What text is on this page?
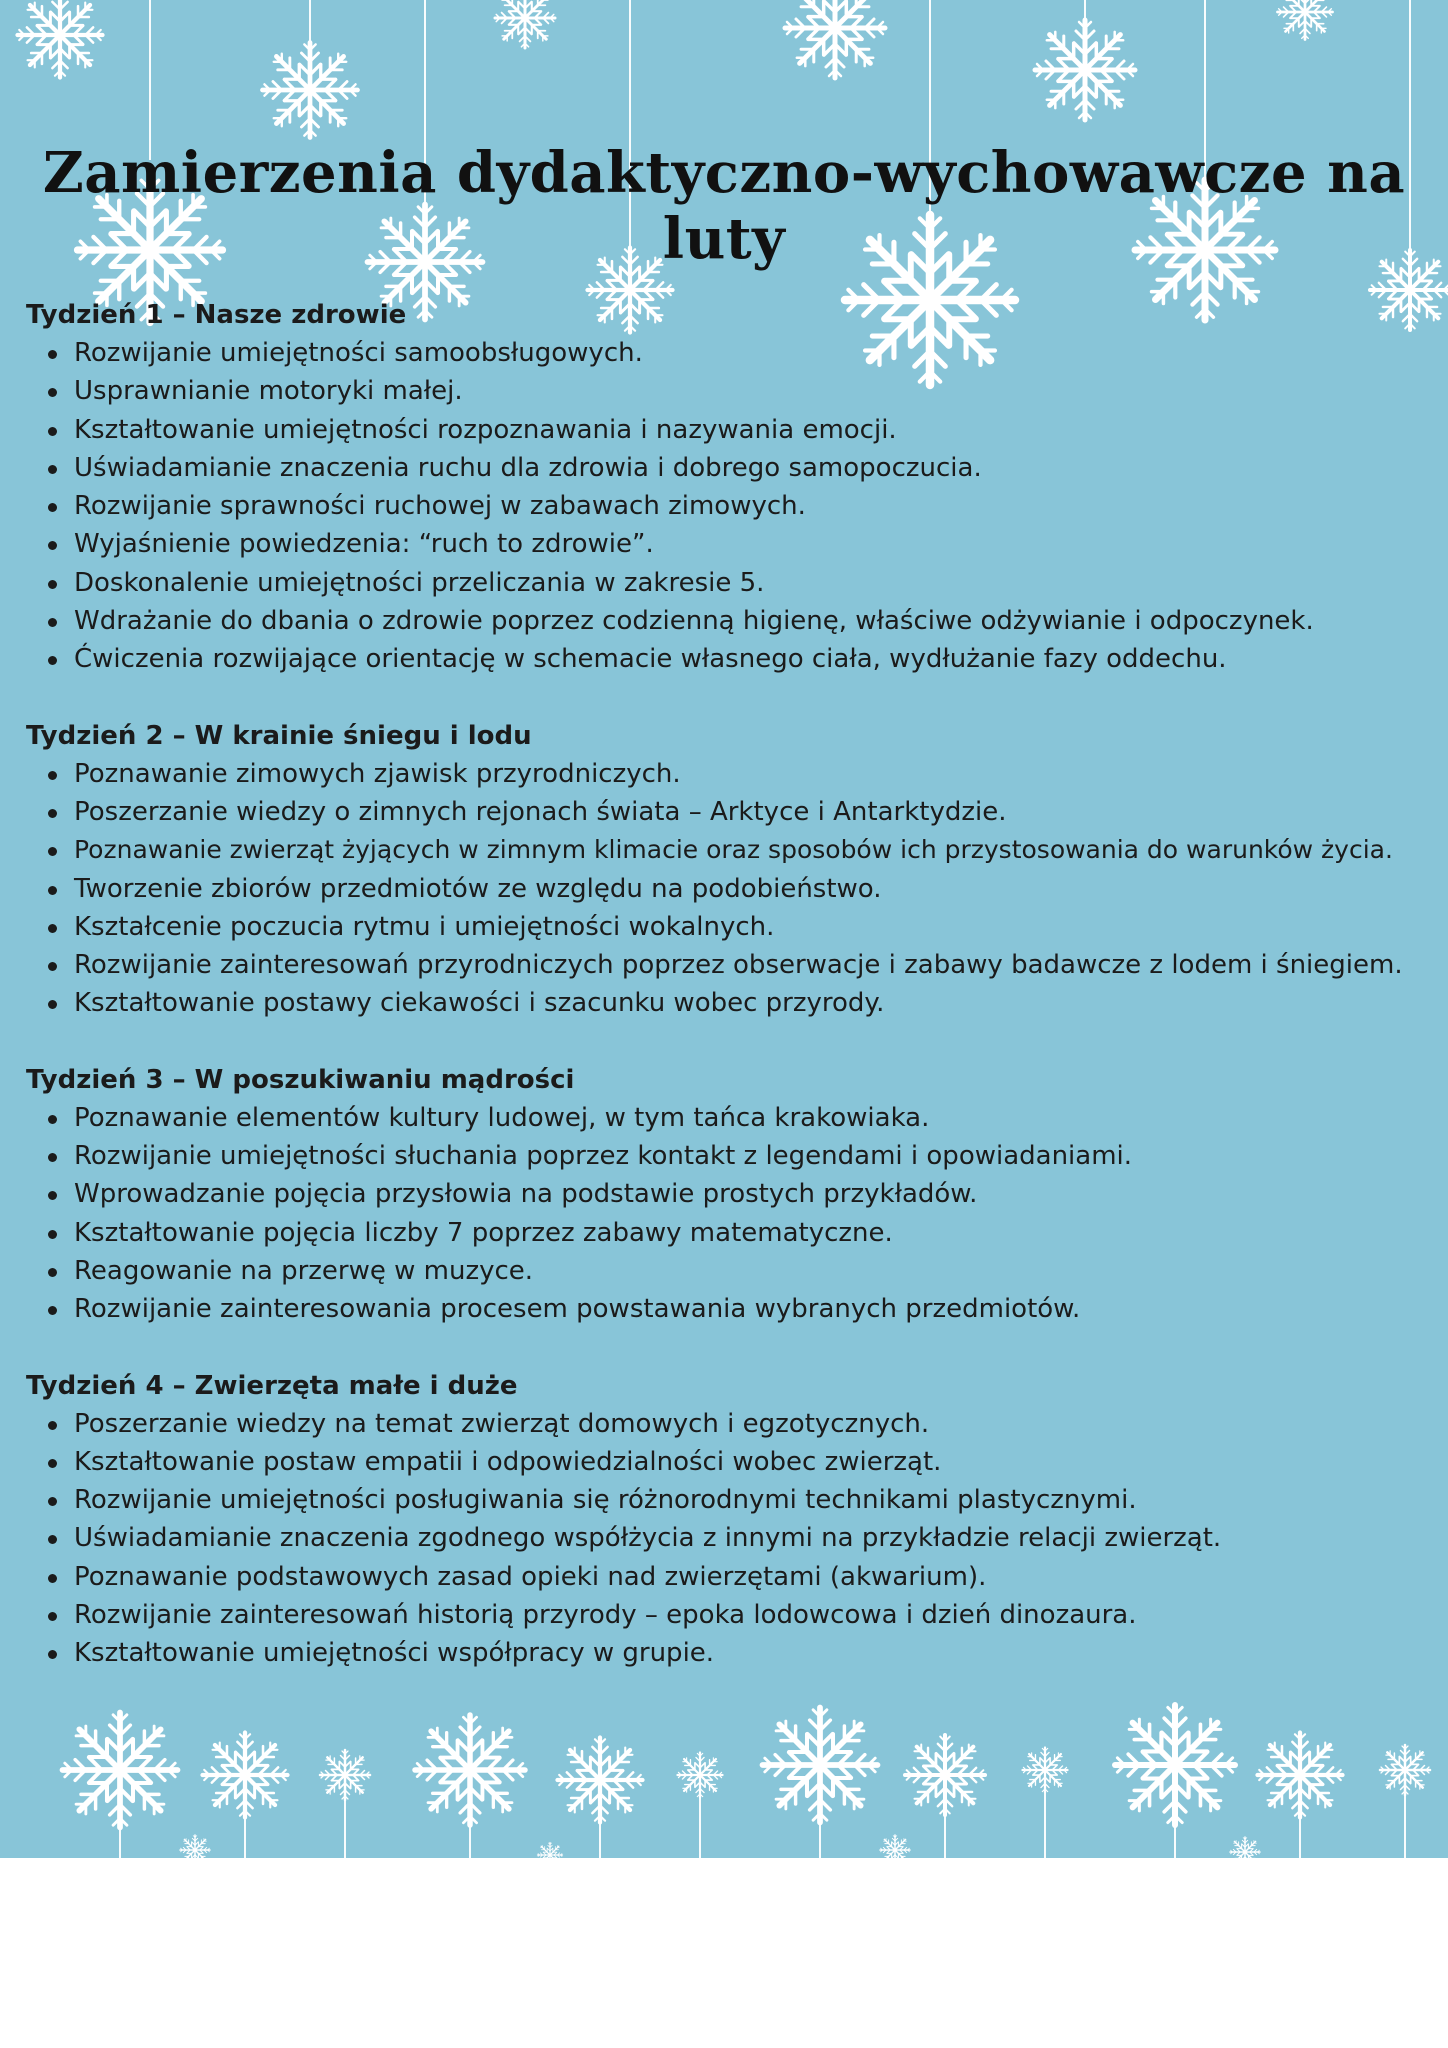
Zamierzenia dydaktyczno-wychowawcze na luty

Tydzień 1 – Nasze zdrowie

Rozwijanie umiejętności samoobsługowych.
Usprawnianie motoryki małej.
Kształtowanie umiejętności rozpoznawania i nazywania emocji.
Uświadamianie znaczenia ruchu dla zdrowia i dobrego samopoczucia.
Rozwijanie sprawności ruchowej w zabawach zimowych.
Wyjaśnienie powiedzenia: “ruch to zdrowie”.
Doskonalenie umiejętności przeliczania w zakresie 5.
Wdrażanie do dbania o zdrowie poprzez codzienną higienę, właściwe odżywianie i odpoczynek.
Ćwiczenia rozwijające orientację w schemacie własnego ciała, wydłużanie fazy oddechu.

Tydzień 2 – W krainie śniegu i lodu

Poznawanie zimowych zjawisk przyrodniczych.
Poszerzanie wiedzy o zimnych rejonach świata – Arktyce i Antarktydzie.
Poznawanie zwierząt żyjących w zimnym klimacie oraz sposobów ich przystosowania do warunków życia.
Tworzenie zbiorów przedmiotów ze względu na podobieństwo.
Kształcenie poczucia rytmu i umiejętności wokalnych.
Rozwijanie zainteresowań przyrodniczych poprzez obserwacje i zabawy badawcze z lodem i śniegiem.
Kształtowanie postawy ciekawości i szacunku wobec przyrody.

Tydzień 3 – W poszukiwaniu mądrości

Poznawanie elementów kultury ludowej, w tym tańca krakowiaka.
Rozwijanie umiejętności słuchania poprzez kontakt z legendami i opowiadaniami.
Wprowadzanie pojęcia przysłowia na podstawie prostych przykładów.
Kształtowanie pojęcia liczby 7 poprzez zabawy matematyczne.
Reagowanie na przerwę w muzyce.
Rozwijanie zainteresowania procesem powstawania wybranych przedmiotów.

Tydzień 4 – Zwierzęta małe i duże

Poszerzanie wiedzy na temat zwierząt domowych i egzotycznych.
Kształtowanie postaw empatii i odpowiedzialności wobec zwierząt.
Rozwijanie umiejętności posługiwania się różnorodnymi technikami plastycznymi.
Uświadamianie znaczenia zgodnego współżycia z innymi na przykładzie relacji zwierząt.
Poznawanie podstawowych zasad opieki nad zwierzętami (akwarium).
Rozwijanie zainteresowań historią przyrody – epoka lodowcowa i dzień dinozaura.
Kształtowanie umiejętności współpracy w grupie.
